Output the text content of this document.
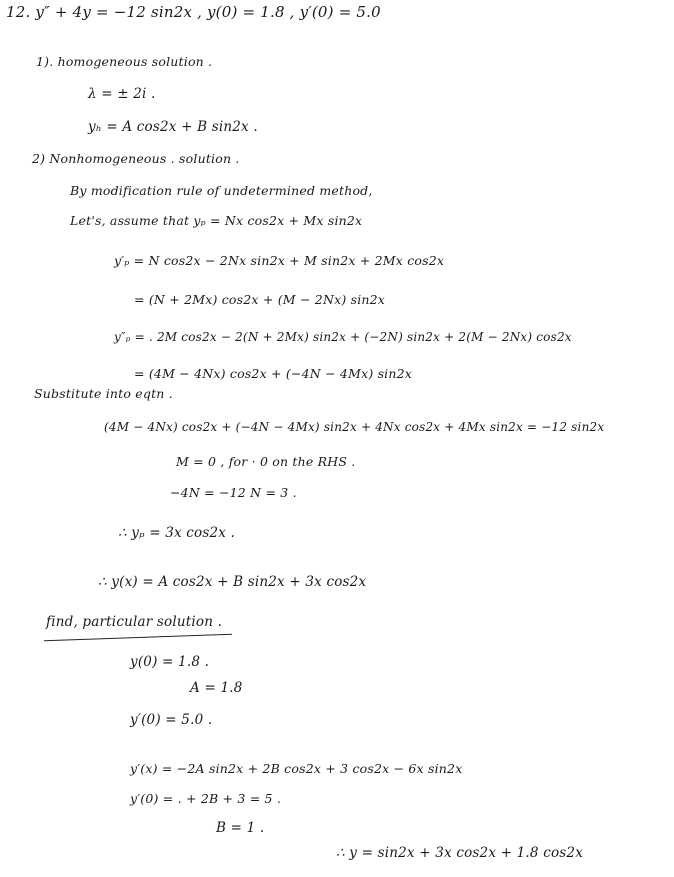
12. y″ + 4y = −12 sin2x , y(0) = 1.8 , y′(0) = 5.0
1). homogeneous solution .
λ = ± 2i .
yₕ = A cos2x + B sin2x .
2) Nonhomogeneous . solution .
By modification rule of undetermined method,
Let's, assume that yₚ = Nx cos2x + Mx sin2x
y′ₚ = N cos2x − 2Nx sin2x + M sin2x + 2Mx cos2x
= (N + 2Mx) cos2x + (M − 2Nx) sin2x
y″ₚ = . 2M cos2x − 2(N + 2Mx) sin2x + (−2N) sin2x + 2(M − 2Nx) cos2x
= (4M − 4Nx) cos2x + (−4N − 4Mx) sin2x
Substitute into eqtn .
(4M − 4Nx) cos2x + (−4N − 4Mx) sin2x + 4Nx cos2x + 4Mx sin2x = −12 sin2x
M = 0 , for · 0 on the RHS .
−4N = −12 N = 3 .
∴ yₚ = 3x cos2x .
∴ y(x) = A cos2x + B sin2x + 3x cos2x
find, particular solution .
y(0) = 1.8 .
A = 1.8
y′(0) = 5.0 .
y′(x) = −2A sin2x + 2B cos2x + 3 cos2x − 6x sin2x
y′(0) = . + 2B + 3 = 5 .
B = 1 .
∴ y = sin2x + 3x cos2x + 1.8 cos2x
